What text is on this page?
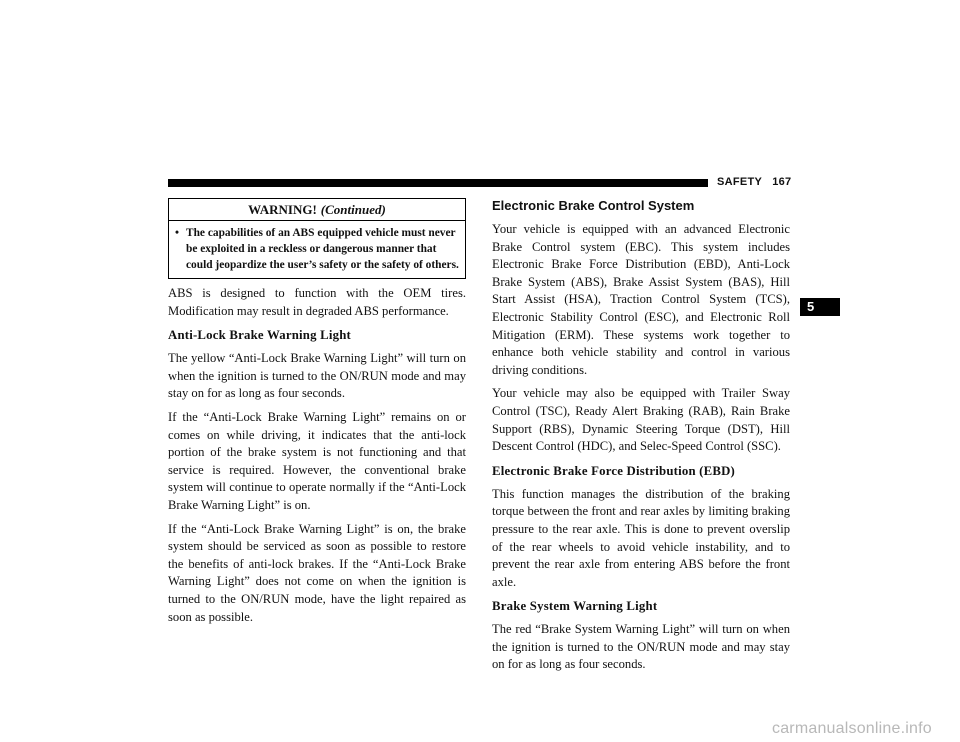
SAFETY 167
5
WARNING! (Continued)
• The capabilities of an ABS equipped vehicle must never be exploited in a reckless or dangerous manner that could jeopardize the user’s safety or the safety of others.

ABS is designed to function with the OEM tires. Modification may result in degraded ABS performance.

Anti-Lock Brake Warning Light

The yellow “Anti-Lock Brake Warning Light” will turn on when the ignition is turned to the ON/RUN mode and may stay on for as long as four seconds.

If the “Anti-Lock Brake Warning Light” remains on or comes on while driving, it indicates that the anti-lock portion of the brake system is not functioning and that service is required. However, the conventional brake system will continue to operate normally if the “Anti-Lock Brake Warning Light” is on.

If the “Anti-Lock Brake Warning Light” is on, the brake system should be serviced as soon as possible to restore the benefits of anti-lock brakes. If the “Anti-Lock Brake Warning Light” does not come on when the ignition is turned to the ON/RUN mode, have the light repaired as soon as possible.

Electronic Brake Control System

Your vehicle is equipped with an advanced Electronic Brake Control system (EBC). This system includes Electronic Brake Force Distribution (EBD), Anti-Lock Brake System (ABS), Brake Assist System (BAS), Hill Start Assist (HSA), Traction Control System (TCS), Electronic Stability Control (ESC), and Electronic Roll Mitigation (ERM). These systems work together to enhance both vehicle stability and control in various driving conditions.

Your vehicle may also be equipped with Trailer Sway Control (TSC), Ready Alert Braking (RAB), Rain Brake Support (RBS), Dynamic Steering Torque (DST), Hill Descent Control (HDC), and Selec-Speed Control (SSC).

Electronic Brake Force Distribution (EBD)

This function manages the distribution of the braking torque between the front and rear axles by limiting braking pressure to the rear axle. This is done to prevent overslip of the rear wheels to avoid vehicle instability, and to prevent the rear axle from entering ABS before the front axle.

Brake System Warning Light

The red “Brake System Warning Light” will turn on when the ignition is turned to the ON/RUN mode and may stay on for as long as four seconds.

carmanualsonline.info
